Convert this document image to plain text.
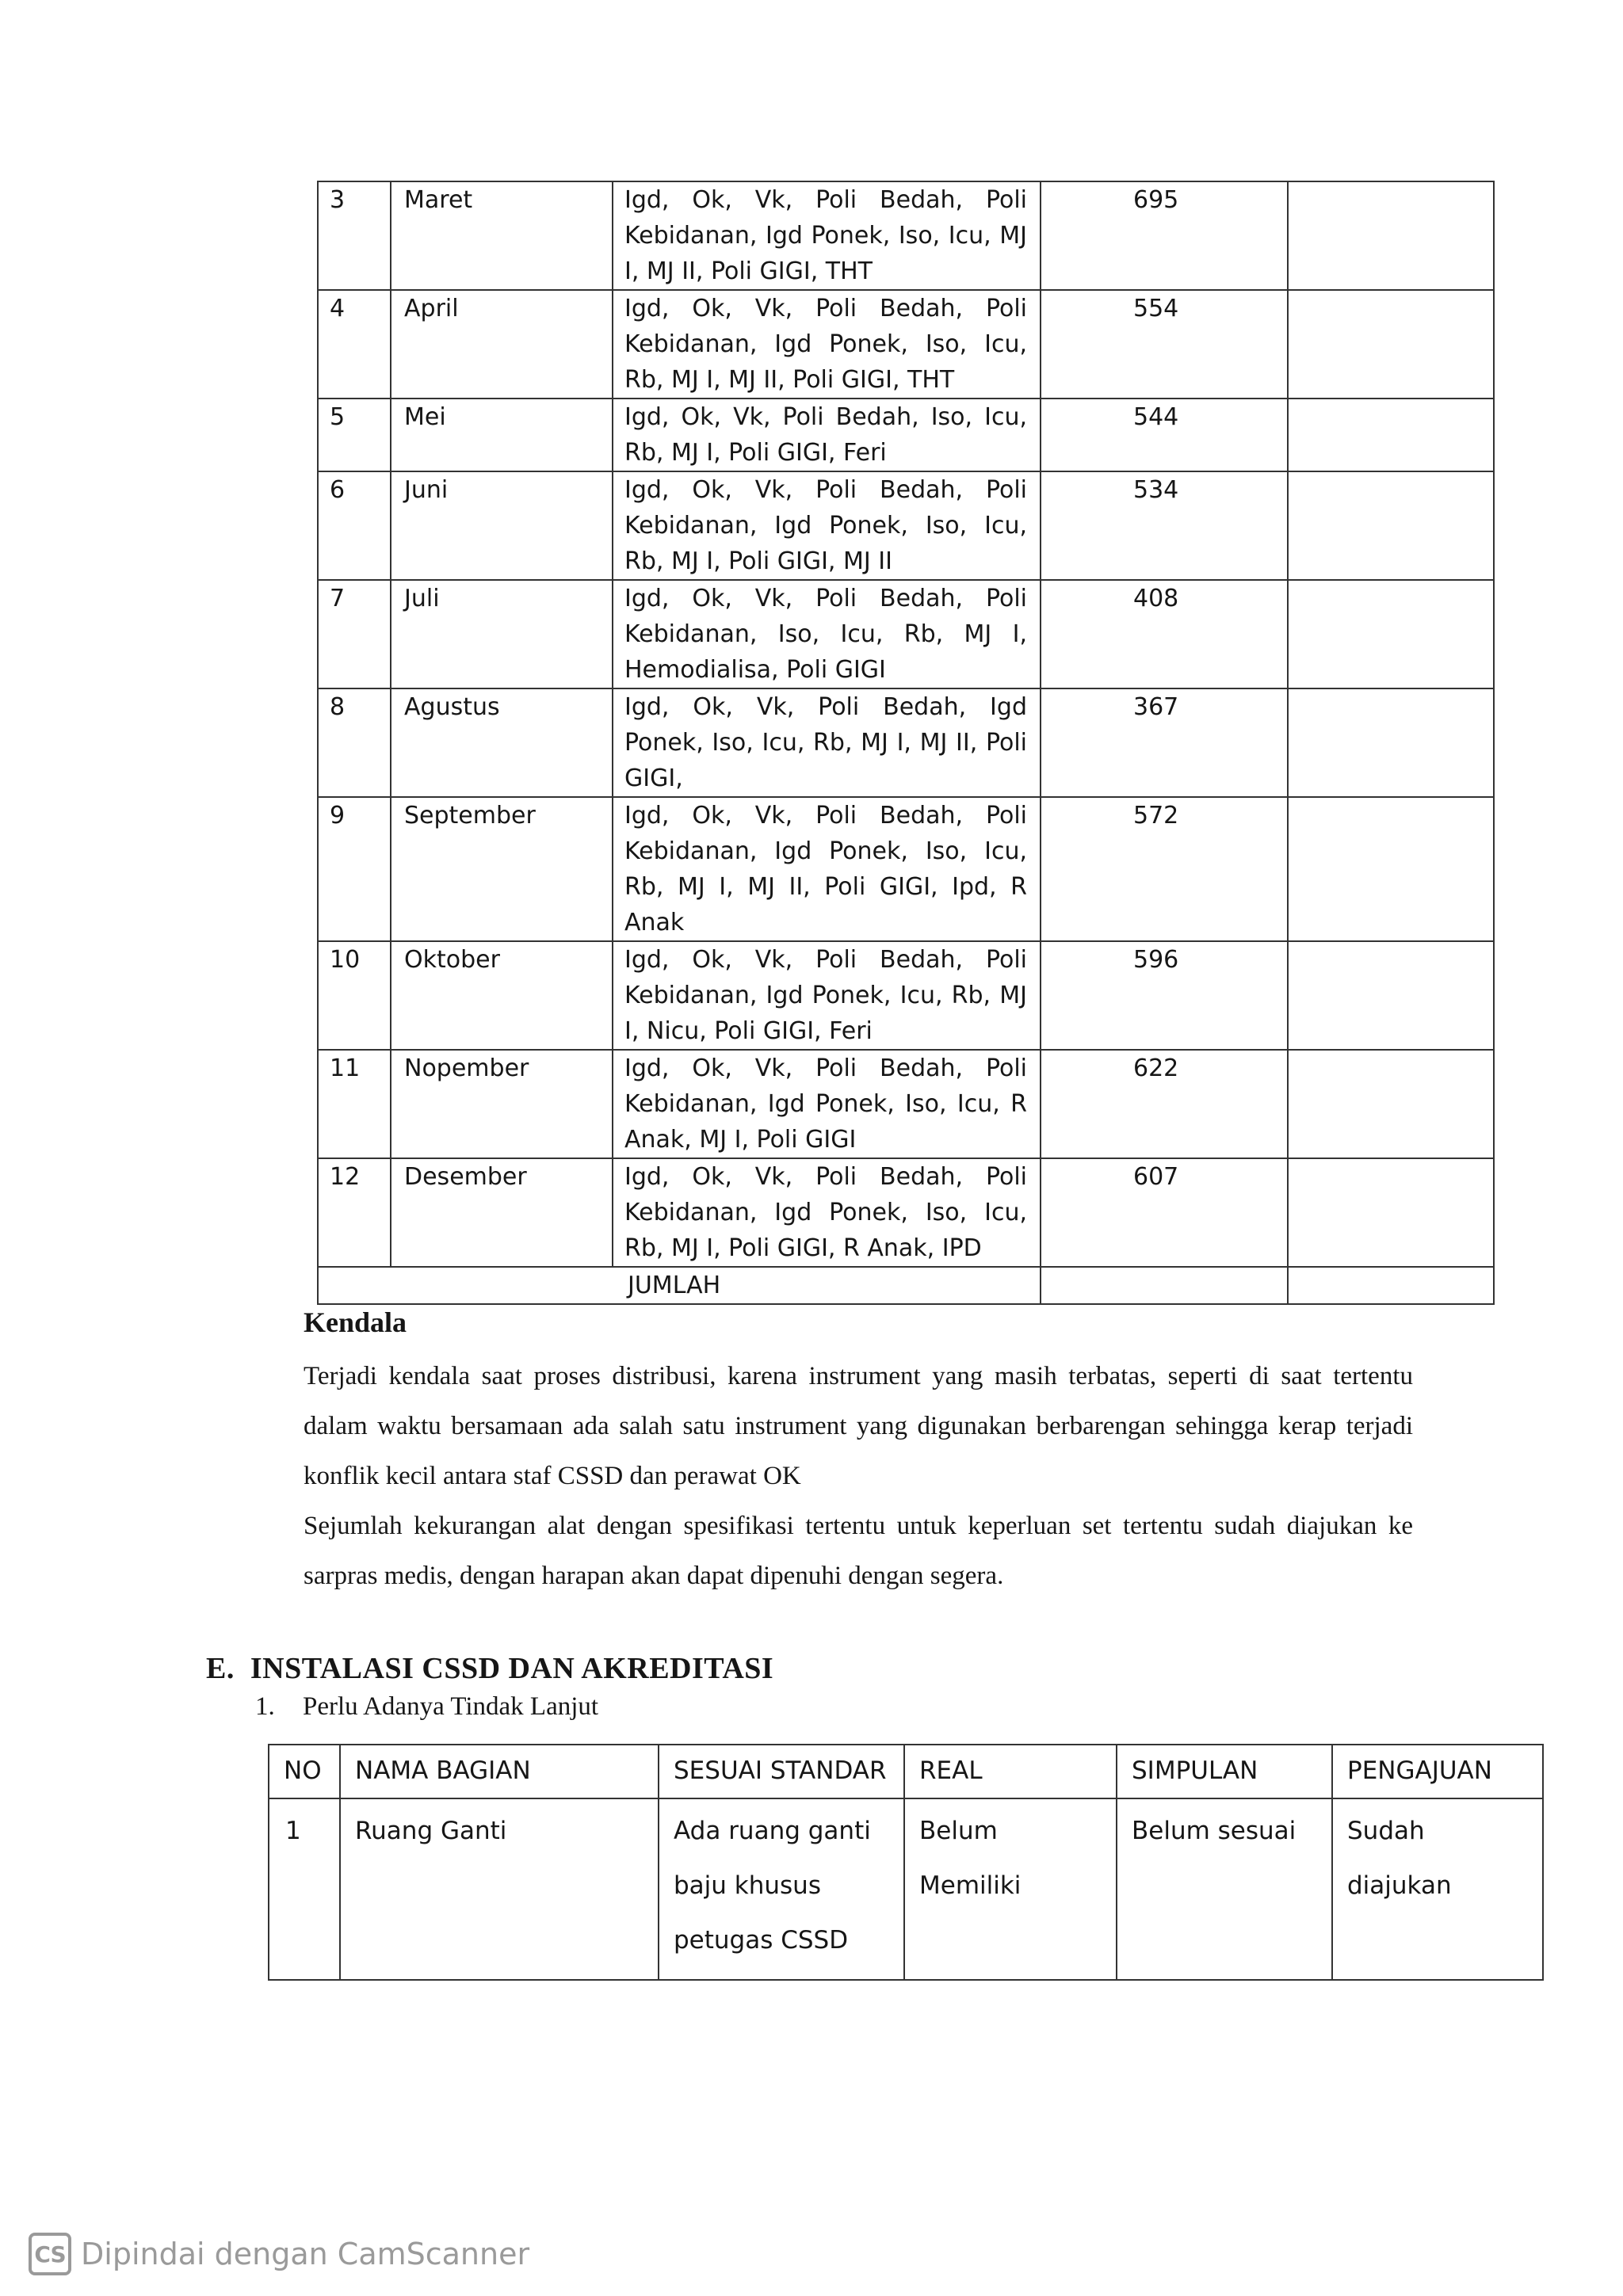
3	Maret	Igd, Ok, Vk, Poli Bedah, Poli Kebidanan, Igd Ponek, Iso, Icu, MJ I, MJ II, Poli GIGI, THT	695	
4	April	Igd, Ok, Vk, Poli Bedah, Poli Kebidanan, Igd Ponek, Iso, Icu, Rb, MJ I, MJ II, Poli GIGI, THT	554	
5	Mei	Igd, Ok, Vk, Poli Bedah, Iso, Icu, Rb, MJ I, Poli GIGI, Feri	544	
6	Juni	Igd, Ok, Vk, Poli Bedah, Poli Kebidanan, Igd Ponek, Iso, Icu, Rb, MJ I, Poli GIGI, MJ II	534	
7	Juli	Igd, Ok, Vk, Poli Bedah, Poli Kebidanan, Iso, Icu, Rb, MJ I, Hemodialisa, Poli GIGI	408	
8	Agustus	Igd, Ok, Vk, Poli Bedah, Igd Ponek, Iso, Icu, Rb, MJ I, MJ II, Poli GIGI,	367	
9	September	Igd, Ok, Vk, Poli Bedah, Poli Kebidanan, Igd Ponek, Iso, Icu, Rb, MJ I, MJ II, Poli GIGI, Ipd, R Anak	572	
10	Oktober	Igd, Ok, Vk, Poli Bedah, Poli Kebidanan, Igd Ponek, Icu, Rb, MJ I, Nicu, Poli GIGI, Feri	596	
11	Nopember	Igd, Ok, Vk, Poli Bedah, Poli Kebidanan, Igd Ponek, Iso, Icu, R Anak, MJ I, Poli GIGI	622	
12	Desember	Igd, Ok, Vk, Poli Bedah, Poli Kebidanan, Igd Ponek, Iso, Icu, Rb, MJ I, Poli GIGI, R Anak, IPD	607	
JUMLAH				
Kendala

Terjadi kendala saat proses distribusi, karena instrument yang masih terbatas, seperti di saat tertentu dalam waktu bersamaan ada salah satu instrument yang digunakan berbarengan sehingga kerap terjadi konflik kecil antara staf CSSD dan perawat OK

Sejumlah kekurangan alat dengan spesifikasi tertentu untuk keperluan set tertentu sudah diajukan ke sarpras medis, dengan harapan akan dapat dipenuhi dengan segera.

E.  INSTALASI CSSD DAN AKREDITASI

1. Perlu Adanya Tindak Lanjut

NO	NAMA BAGIAN	SESUAI STANDAR	REAL	SIMPULAN	PENGAJUAN
1	Ruang Ganti	Ada ruang ganti baju khusus petugas CSSD	Belum Memiliki	Belum sesuai	Sudah diajukan
CS Dipindai dengan CamScanner
